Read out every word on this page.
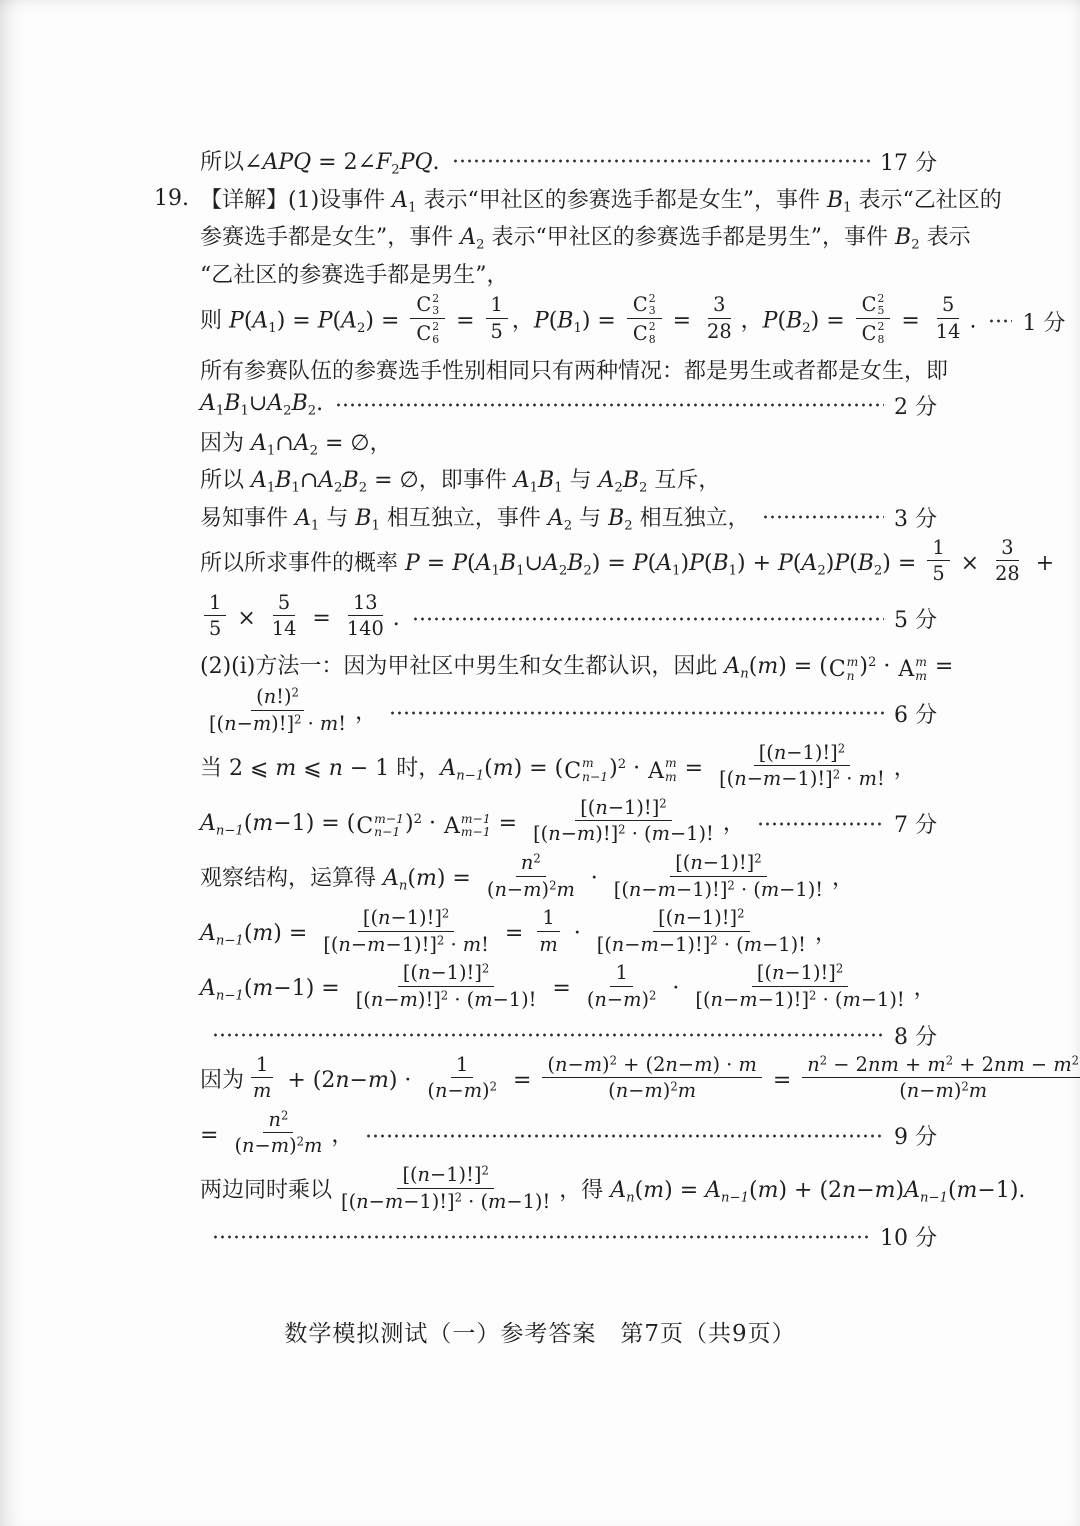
所以∠APQ = $2\angle F_2PQ$.	17 分
19. 【详解】(1)设事件 $A_1$ 表示“甲社区的参赛选手都是女生”，事件 $B_1$ 表示“乙社区的
参赛选手都是女生”，事件 $A_2$ 表示“甲社区的参赛选手都是男生”，事件 $B_2$ 表示
“乙社区的参赛选手都是男生”，
则 $P(A_1) = P(A_2) = C$ 2
3
C 2
$6 = \frac{1}{5}$ ，$P(B_1) = C$ 2
3
C 2
$8 = \frac{3}{28}$ ，$P(B_2) = C$ 2
5
C 2
$8 = \frac{5}{14}$ . 1 分
所有参赛队伍的参赛选手性别相同只有两种情况：都是男生或者都是女生，即
$A_1B_1\cup A_2B_2$.	2 分
因为 $A_1\cap A_2$ = ∅，
所以 $A_1B_1\cap A_2B_2$ = ∅，即事件 $A_1B_1$ 与 $A_2B_2$ 互斥，
易知事件 $A_1$ 与 $B_1$ 相互独立，事件 $A_2$ 与 $B_2$ 相互独立，	3 分
所以所求事件的概率 $P = P(A_1B_1\cup A_2B_2) = P(A_1)P(B_1) + P(A_2)P(B_2) = \frac{1}{5} \times \frac{3}{28}$ +
$\frac{1}{5} \times \frac{5}{14} = \frac{13}{140}$ .	5 分
(2)(i)方法一：因为甲社区中男生和女生都认识，因此 $A_n(m)$ = ( C m
n )$^2$ · A m
m =
$\frac{(n!)^2}{[(n-m)!]^2 \cdot m!}$ ，	6 分
当 2 ⩽ m ⩽ n − 1 时，$A_{n-1}(m)$ = ( C m
n−1 )$^2$ · A m
$m = \frac{[(n-1)!]^2}{[(n-m-1)!]^2 \cdot m!}$ ，
$A_{n-1}(m-1)$ = ( C m−1
n−1 )$^2$ · A m−1
$m-1 = \frac{[(n-1)!]^2}{[(n-m)!]^2 \cdot (m-1)!}$ ，	7 分
观察结构，运算得 $A_n(m) = \frac{n^2}{(n-m)^2m} \cdot \frac{[(n-1)!]^2}{[(n-m-1)!]^2 \cdot (m-1)!}$ ，
$A_{n-1}(m) = \frac{[(n-1)!]^2}{[(n-m-1)!]^2 \cdot m!} = \frac{1}{m} \cdot \frac{[(n-1)!]^2}{[(n-m-1)!]^2 \cdot (m-1)!}$ ，
$A_{n-1}(m-1) = \frac{[(n-1)!]^2}{[(n-m)!]^2 \cdot (m-1)!} = \frac{1}{(n-m)^2} \cdot \frac{[(n-1)!]^2}{[(n-m-1)!]^2 \cdot (m-1)!}$ ，
8 分
因为 $\frac{1}{m} + (2n-m) \cdot \frac{1}{(n-m)^2} = \frac{(n-m)^2 + (2n-m) \cdot m}{(n-m)^2m} = \frac{n^2 - 2nm + m^2 + 2nm - m^2}{(n-m)^2m}$
= $\frac{n^2}{(n-m)^2m}$ ，	9 分
两边同时乘以 $\frac{[(n-1)!]^2}{[(n-m-1)!]^2 \cdot (m-1)!}$ ，得 $A_n(m) = A_{n-1}(m) + (2n-m)A_{n-1}(m-1)$.
10 分
数学模拟测试（一）参考答案　第7页（共9页）
